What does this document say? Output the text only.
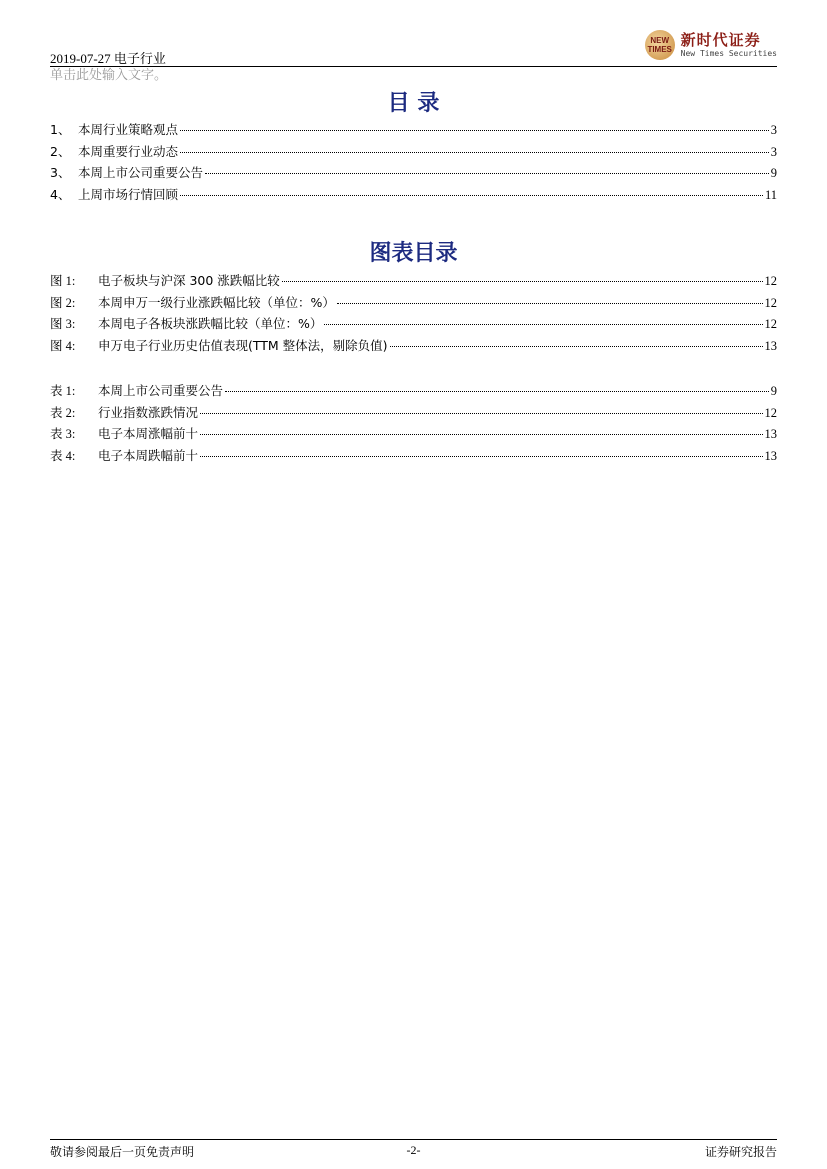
2019-07-27 电子行业
NEW
TIMES
新时代证券
New Times Securities
单击此处输入文字。
目 录
1、 本周行业策略观点	3
2、 本周重要行业动态	3
3、 本周上市公司重要公告	9
4、 上周市场行情回顾	11
图表目录
图 1:	电子板块与沪深 300 涨跌幅比较	12
图 2:	本周申万一级行业涨跌幅比较（单位：%）	12
图 3:	本周电子各板块涨跌幅比较（单位：%）	12
图 4:	申万电子行业历史估值表现(TTM 整体法，剔除负值)	13
表 1:	本周上市公司重要公告	9
表 2:	行业指数涨跌情况	12
表 3:	电子本周涨幅前十	13
表 4:	电子本周跌幅前十	13
敬请参阅最后一页免责声明	-2-	证券研究报告
